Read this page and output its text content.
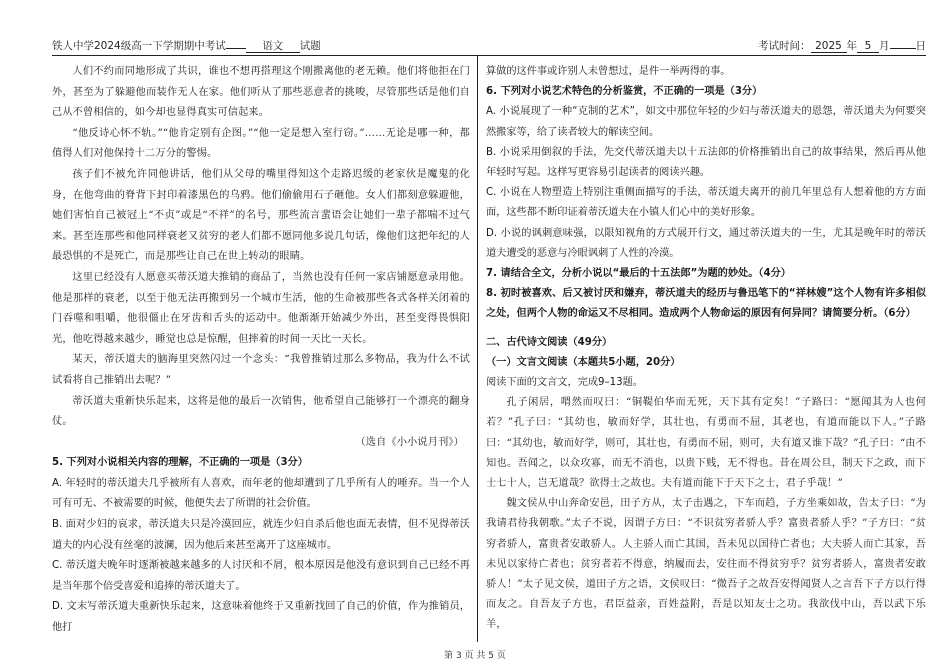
铁人中学2024级高一下学期期中考试	语文 试题	考试时间： 2025 年 5 月 日

人们不约而同地形成了共识，谁也不想再搭理这个刚搬离他的老无赖。他们将他拒在门外，甚至为了躲避他而装作无人在家。他们听从了那些恶意者的挑唆，尽管那些话是他们自己从不曾相信的，如今却也显得真实可信起来。

“他反诗心怀不轨。”“他肯定别有企图。”“他一定是想入室行窃。”……无论是哪一种，都值得人们对他保持十二万分的警惕。

孩子们不被允许同他讲话，他们从父母的嘴里得知这个走路迟缓的老家伙是魔鬼的化身，在他弯曲的脊背下封印着漆黑色的乌鸦。他们偷偷用石子砸他。女人们都刻意躲避他，她们害怕自己被冠上“不贞”或是“不祥”的名号，那些流言蜚语会让她们一辈子都喘不过气来。甚至连那些和他同样衰老又贫穷的老人们都不愿同他多说几句话，像他们这把年纪的人最恐惧的不是死亡，而是那些让自己在世上转动的眼睛。

这里已经没有人愿意买蒂沃道夫推销的商品了，当然也没有任何一家店铺愿意录用他。他是那样的衰老，以至于他无法再搬到另一个城市生活，他的生命被那些各式各样关闭着的门吞噬和咀嚼，他很僵止在牙齿和舌头的运动中。他渐渐开始减少外出，甚至变得畏惧阳光，他吃得越来越少，睡觉也总是惊醒，但摔着的时间一天比一天长。

某天，蒂沃道夫的脑海里突然闪过一个念头：“我曾推销过那么多物品，我为什么不试试看将自己推销出去呢？”

蒂沃道夫重新快乐起来，这将是他的最后一次销售，他希望自己能够打一个漂亮的翻身仗。

（选自《小小说月刊》）

5. 下列对小说相关内容的理解，不正确的一项是（3分）

A. 年轻时的蒂沃道夫几乎被所有人喜欢，而年老的他却遭到了几乎所有人的唾弃。当一个人可有可无、不被需要的时候，他便失去了所谓的社会价值。

B. 面对少妇的哀求，蒂沃道夫只是冷漠回应，就连少妇自杀后他也面无表情，但不见得蒂沃道夫的内心没有丝毫的波澜，因为他后来甚至离开了这座城市。

C. 蒂沃道夫晚年时逐渐被越来越多的人讨厌和不屑，根本原因是他没有意识到自己已经不再是当年那个倍受喜爱和追捧的蒂沃道夫了。

D. 文末写蒂沃道夫重新快乐起来，这意味着他终于又重新找回了自己的价值，作为推销员，他打

算做的这件事或许别人未曾想过，是件一举两得的事。

6. 下列对小说艺术特色的分析鉴赏，不正确的一项是（3分）

A. 小说展现了一种“克制的艺术”，如文中那位年轻的少妇与蒂沃道夫的恩怨，蒂沃道夫为何要突然搬家等，给了读者较大的解读空间。

B. 小说采用倒叙的手法，先交代蒂沃道夫以十五法郎的价格推销出自己的故事结果，然后再从他年轻时写起。这样写更容易引起读者的阅读兴趣。

C. 小说在人物塑造上特别注重侧面描写的手法，蒂沃道夫离开的前几年里总有人想着他的方方面面，这些都不断印证着蒂沃道夫在小镇人们心中的美好形象。

D. 小说的讽刺意味强，以限知视角的方式展开行文，通过蒂沃道夫的一生，尤其是晚年时的蒂沃道夫遭受的恶意与冷眼讽刺了人性的冷漠。

7. 请结合全文，分析小说以“最后的十五法郎”为题的妙处。（4分）

8. 初时被喜欢、后又被讨厌和嫌弃，蒂沃道夫的经历与鲁迅笔下的“祥林嫂”这个人物有许多相似之处，但两个人物的命运又不尽相同。造成两个人物命运的原因有何异同？请简要分析。（6分）

二、古代诗文阅读（49分）

（一）文言文阅读（本题共5小题，20分）

阅读下面的文言文，完成9–13题。

孔子闲居，喟然而叹曰：“铜鞮伯华而无死，天下其有定矣！”子路曰：“愿闻其为人也何若？”孔子曰：“其幼也，敏而好学，其壮也，有勇而不屈，其老也，有道而能以下人。”子路曰：“其幼也，敏而好学，则可，其壮也，有勇而不屈，则可，夫有道又谁下哉？”孔子曰：“由不知也。吾闻之，以众攻寡，而无不消也，以贵下贱，无不得也。昔在周公旦，制天下之政，而下士七十人，岂无道哉？欲得士之故也。夫有道而能下于天下之士，君子乎哉！”

魏文侯从中山奔命安邑，田子方从，太子击遇之，下车而趋，子方坐乘如故，告太子曰：“为我请君待我朝歌。”太子不说，因谓子方曰：“不识贫穷者骄人乎？富贵者骄人乎？”子方曰：“贫穷者骄人，富贵者安敢骄人。人主骄人而亡其国，吾未见以国待亡者也；大夫骄人而亡其家，吾未见以家待亡者也；贫穷者若不得意，纳履而去，安往而不得贫穷乎？贫穷者骄人，富贵者安敢骄人！”太子见文侯，道田子方之语，文侯叹曰：“微吾子之故吾安得闻贤人之言吾下子方以行得而友之。自吾友子方也，君臣益亲，百姓益附，吾是以知友士之功。我欲伐中山，吾以武下乐羊，

第 3 页 共 5 页
